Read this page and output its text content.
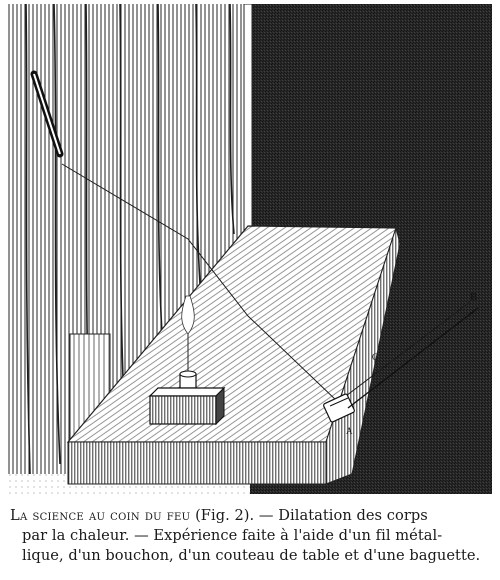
B
C
A
La science au coin du feu (Fig. 2). — Dilatation des corps
par la chaleur. — Expérience faite à l'aide d'un fil métal-
lique, d'un bouchon, d'un couteau de table et d'une baguette.
